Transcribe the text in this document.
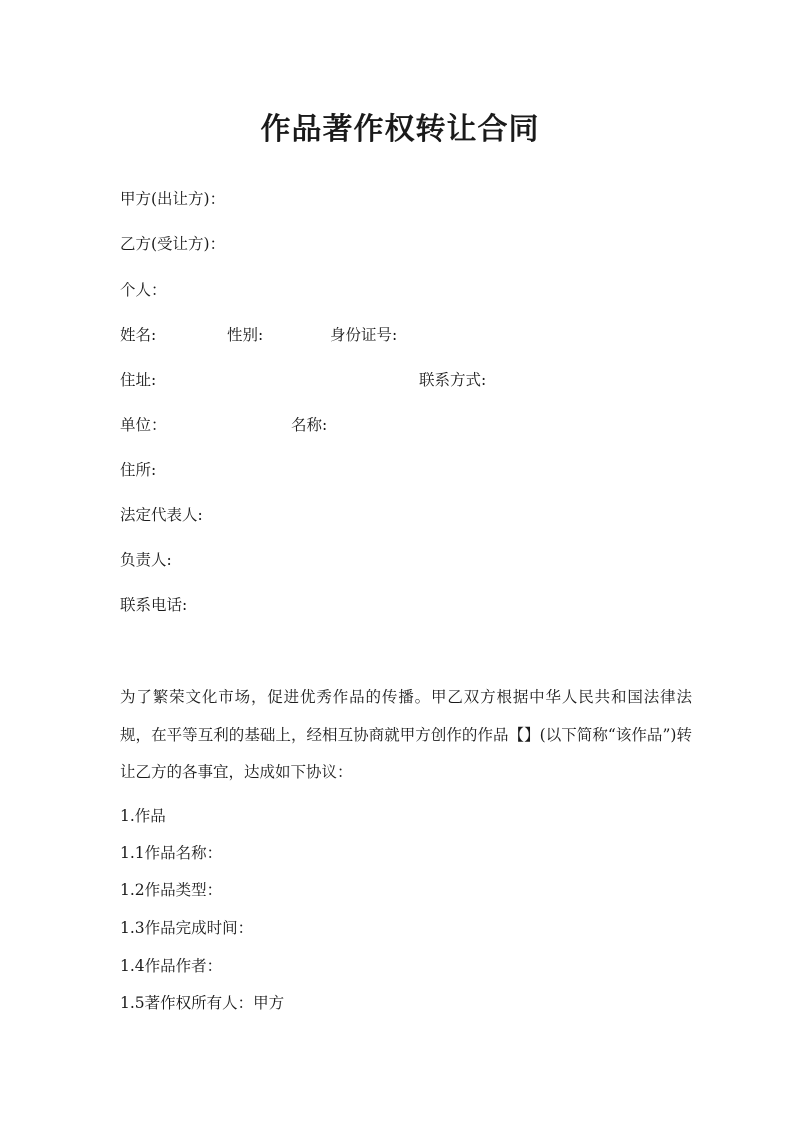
作品著作权转让合同
甲方(出让方)：
乙方(受让方)：
个人：
姓名:	性别:	身份证号:
住址:	联系方式:
单位：	名称:
住所:
法定代表人:
负责人:
联系电话:
为了繁荣文化市场，促进优秀作品的传播。甲乙双方根据中华人民共和国法律法规，在平等互利的基础上，经相互协商就甲方创作的作品【】(以下简称“该作品”)转让乙方的各事宜，达成如下协议：
1.作品
1.1作品名称：
1.2作品类型：
1.3作品完成时间：
1.4作品作者：
1.5著作权所有人：甲方
